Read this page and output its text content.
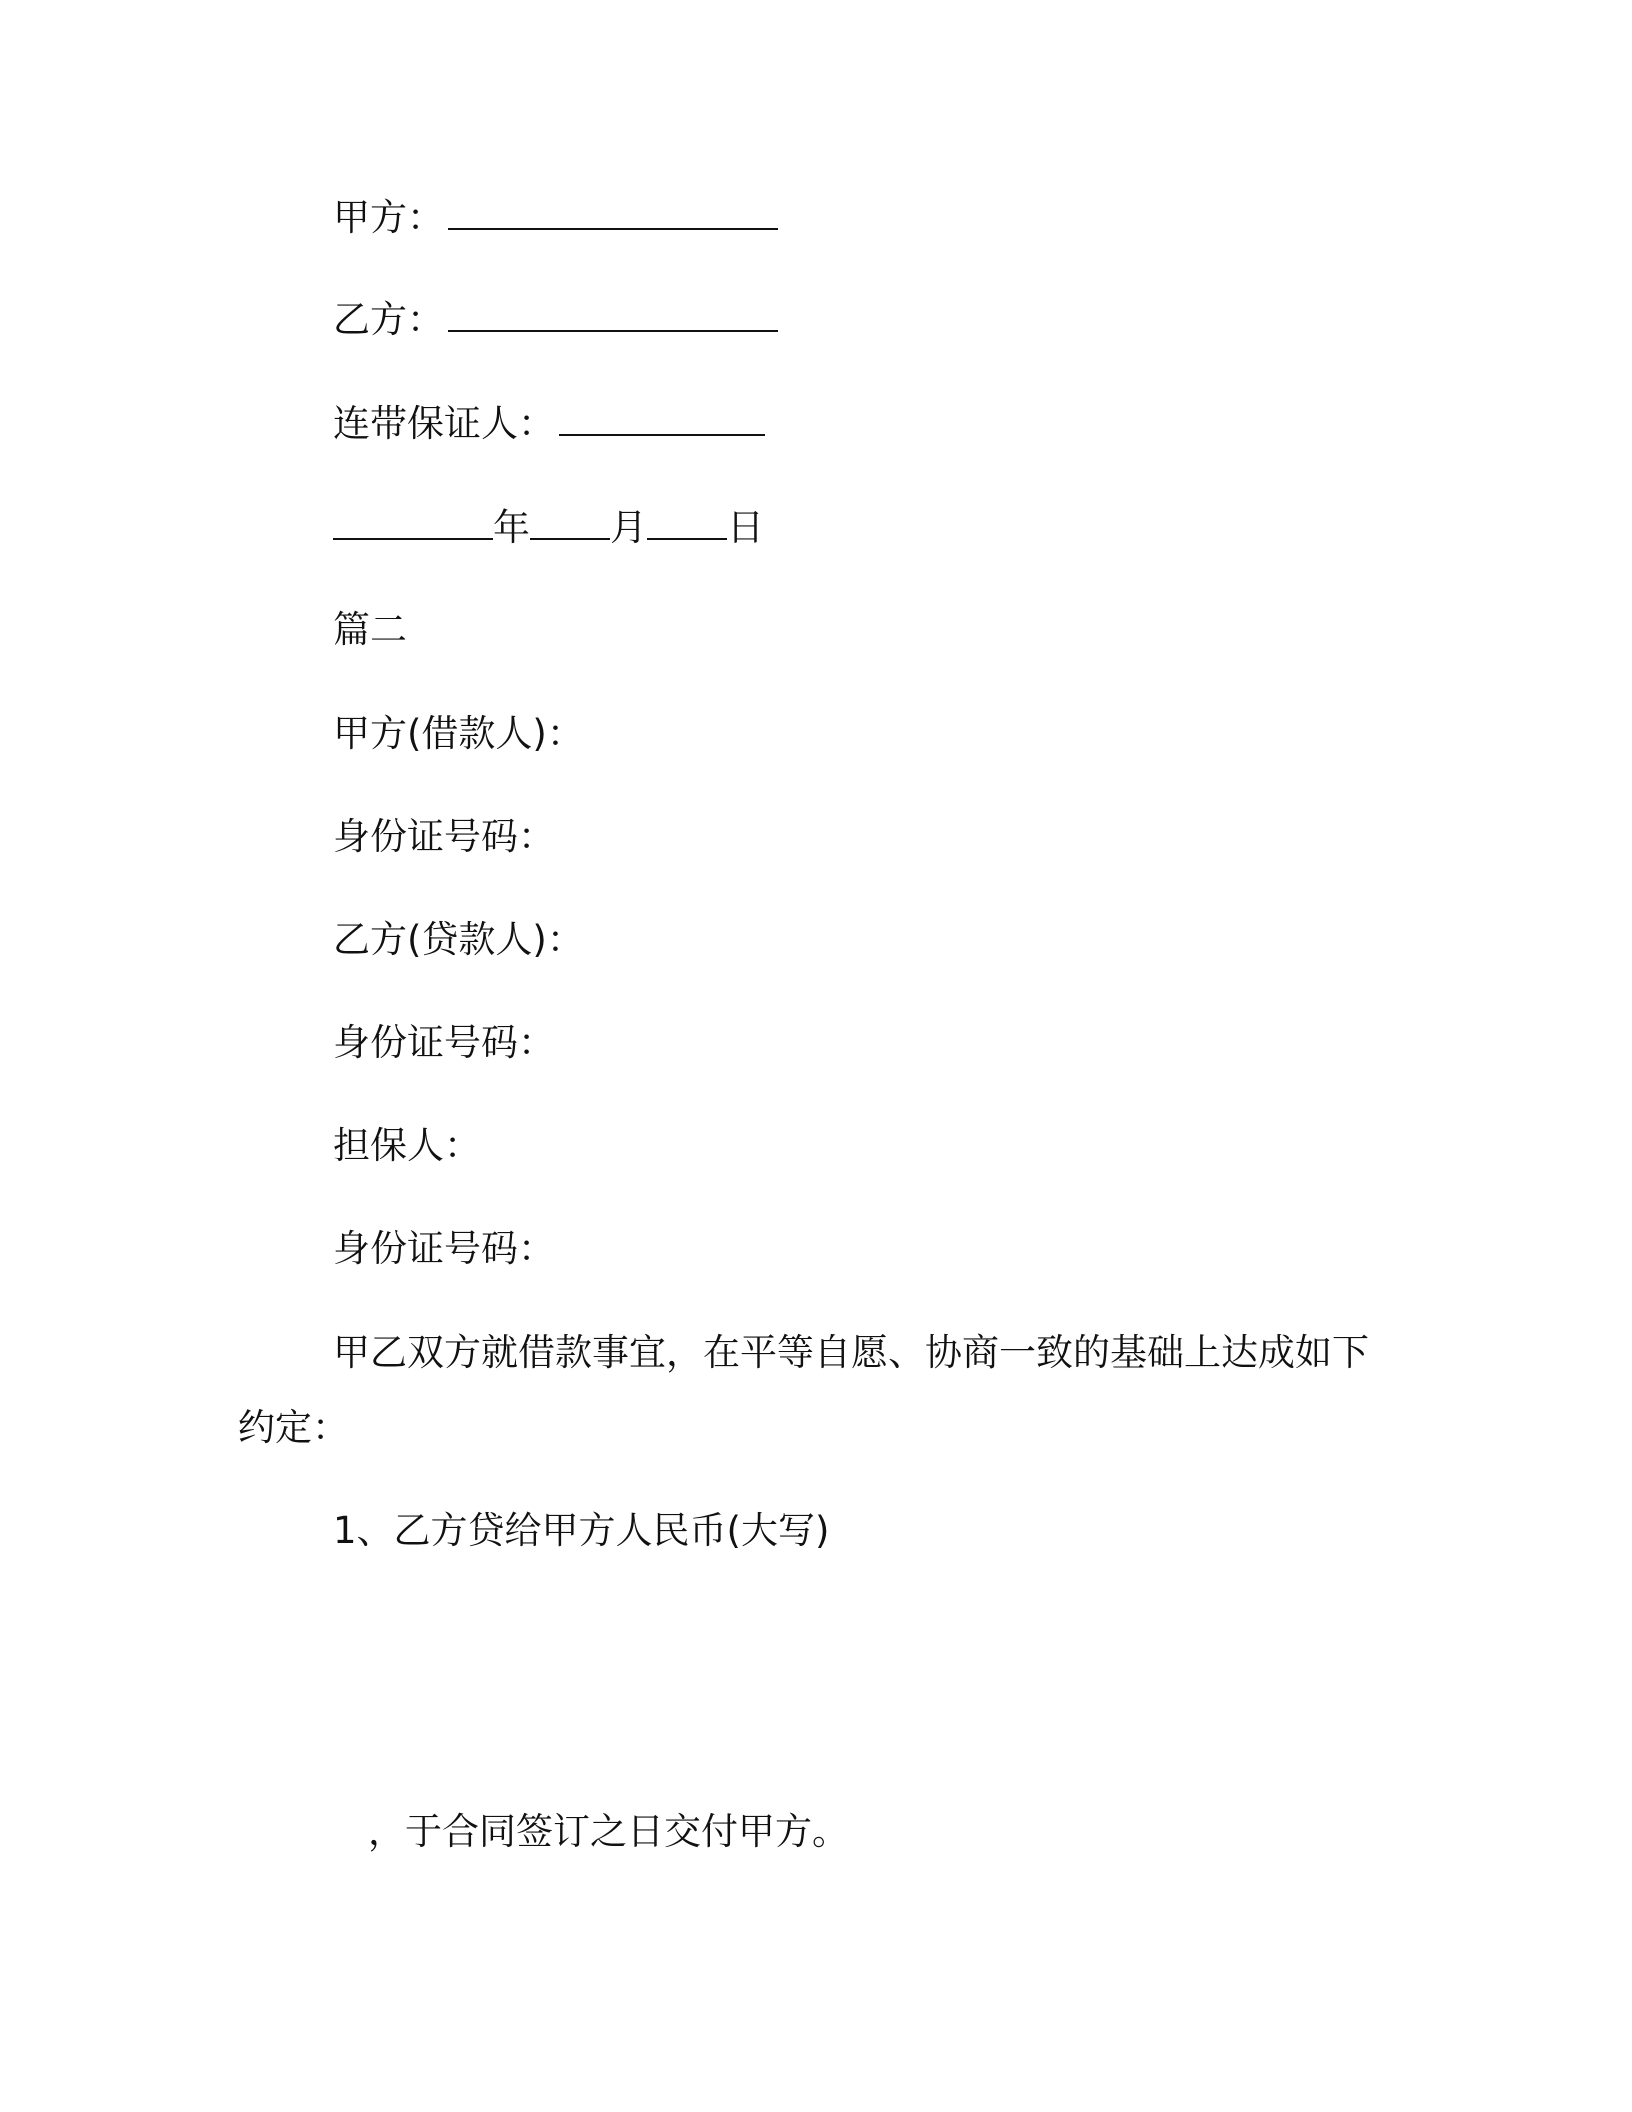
甲方：
乙方：
连带保证人：
年 月 日
篇二
甲方(借款人)：
身份证号码：
乙方(贷款人)：
身份证号码：
担保人：
身份证号码：
甲乙双方就借款事宜，在平等自愿、协商一致的基础上达成如下
约定：
1、乙方贷给甲方人民币(大写)
，于合同签订之日交付甲方。
